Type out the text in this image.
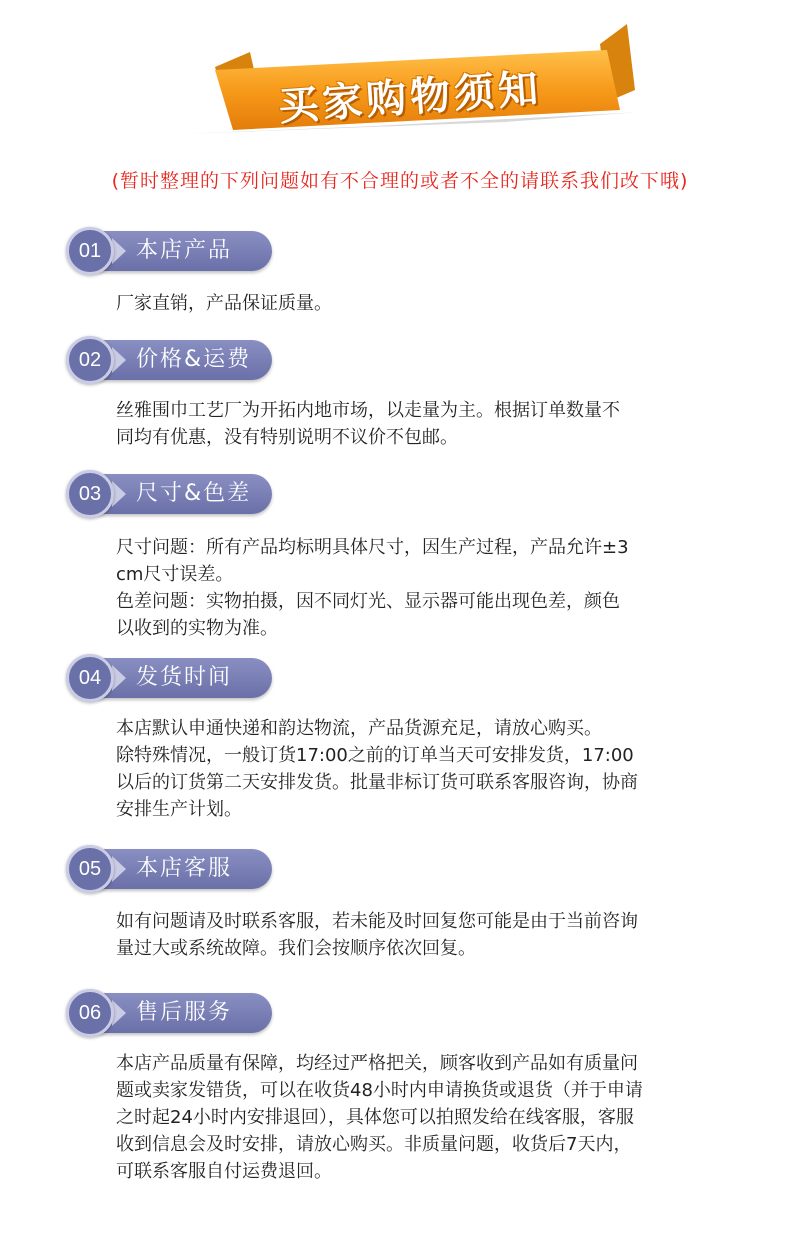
买家购物须知
(暂时整理的下列问题如有不合理的或者不全的请联系我们改下哦)
01	本店产品

厂家直销，产品保证质量。

02	价格&运费

丝雅围巾工艺厂为开拓内地市场，以走量为主。根据订单数量不

同均有优惠，没有特别说明不议价不包邮。

03	尺寸&色差

尺寸问题：所有产品均标明具体尺寸，因生产过程，产品允许±3

cm尺寸误差。

色差问题：实物拍摄，因不同灯光、显示器可能出现色差，颜色

以收到的实物为准。

04	发货时间

本店默认申通快递和韵达物流，产品货源充足，请放心购买。

除特殊情况，一般订货17:00之前的订单当天可安排发货，17:00

以后的订货第二天安排发货。批量非标订货可联系客服咨询，协商

安排生产计划。

05	本店客服

如有问题请及时联系客服，若未能及时回复您可能是由于当前咨询

量过大或系统故障。我们会按顺序依次回复。

06	售后服务

本店产品质量有保障，均经过严格把关，顾客收到产品如有质量问

题或卖家发错货，可以在收货48小时内申请换货或退货（并于申请

之时起24小时内安排退回），具体您可以拍照发给在线客服，客服

收到信息会及时安排，请放心购买。非质量问题，收货后7天内，

可联系客服自付运费退回。
